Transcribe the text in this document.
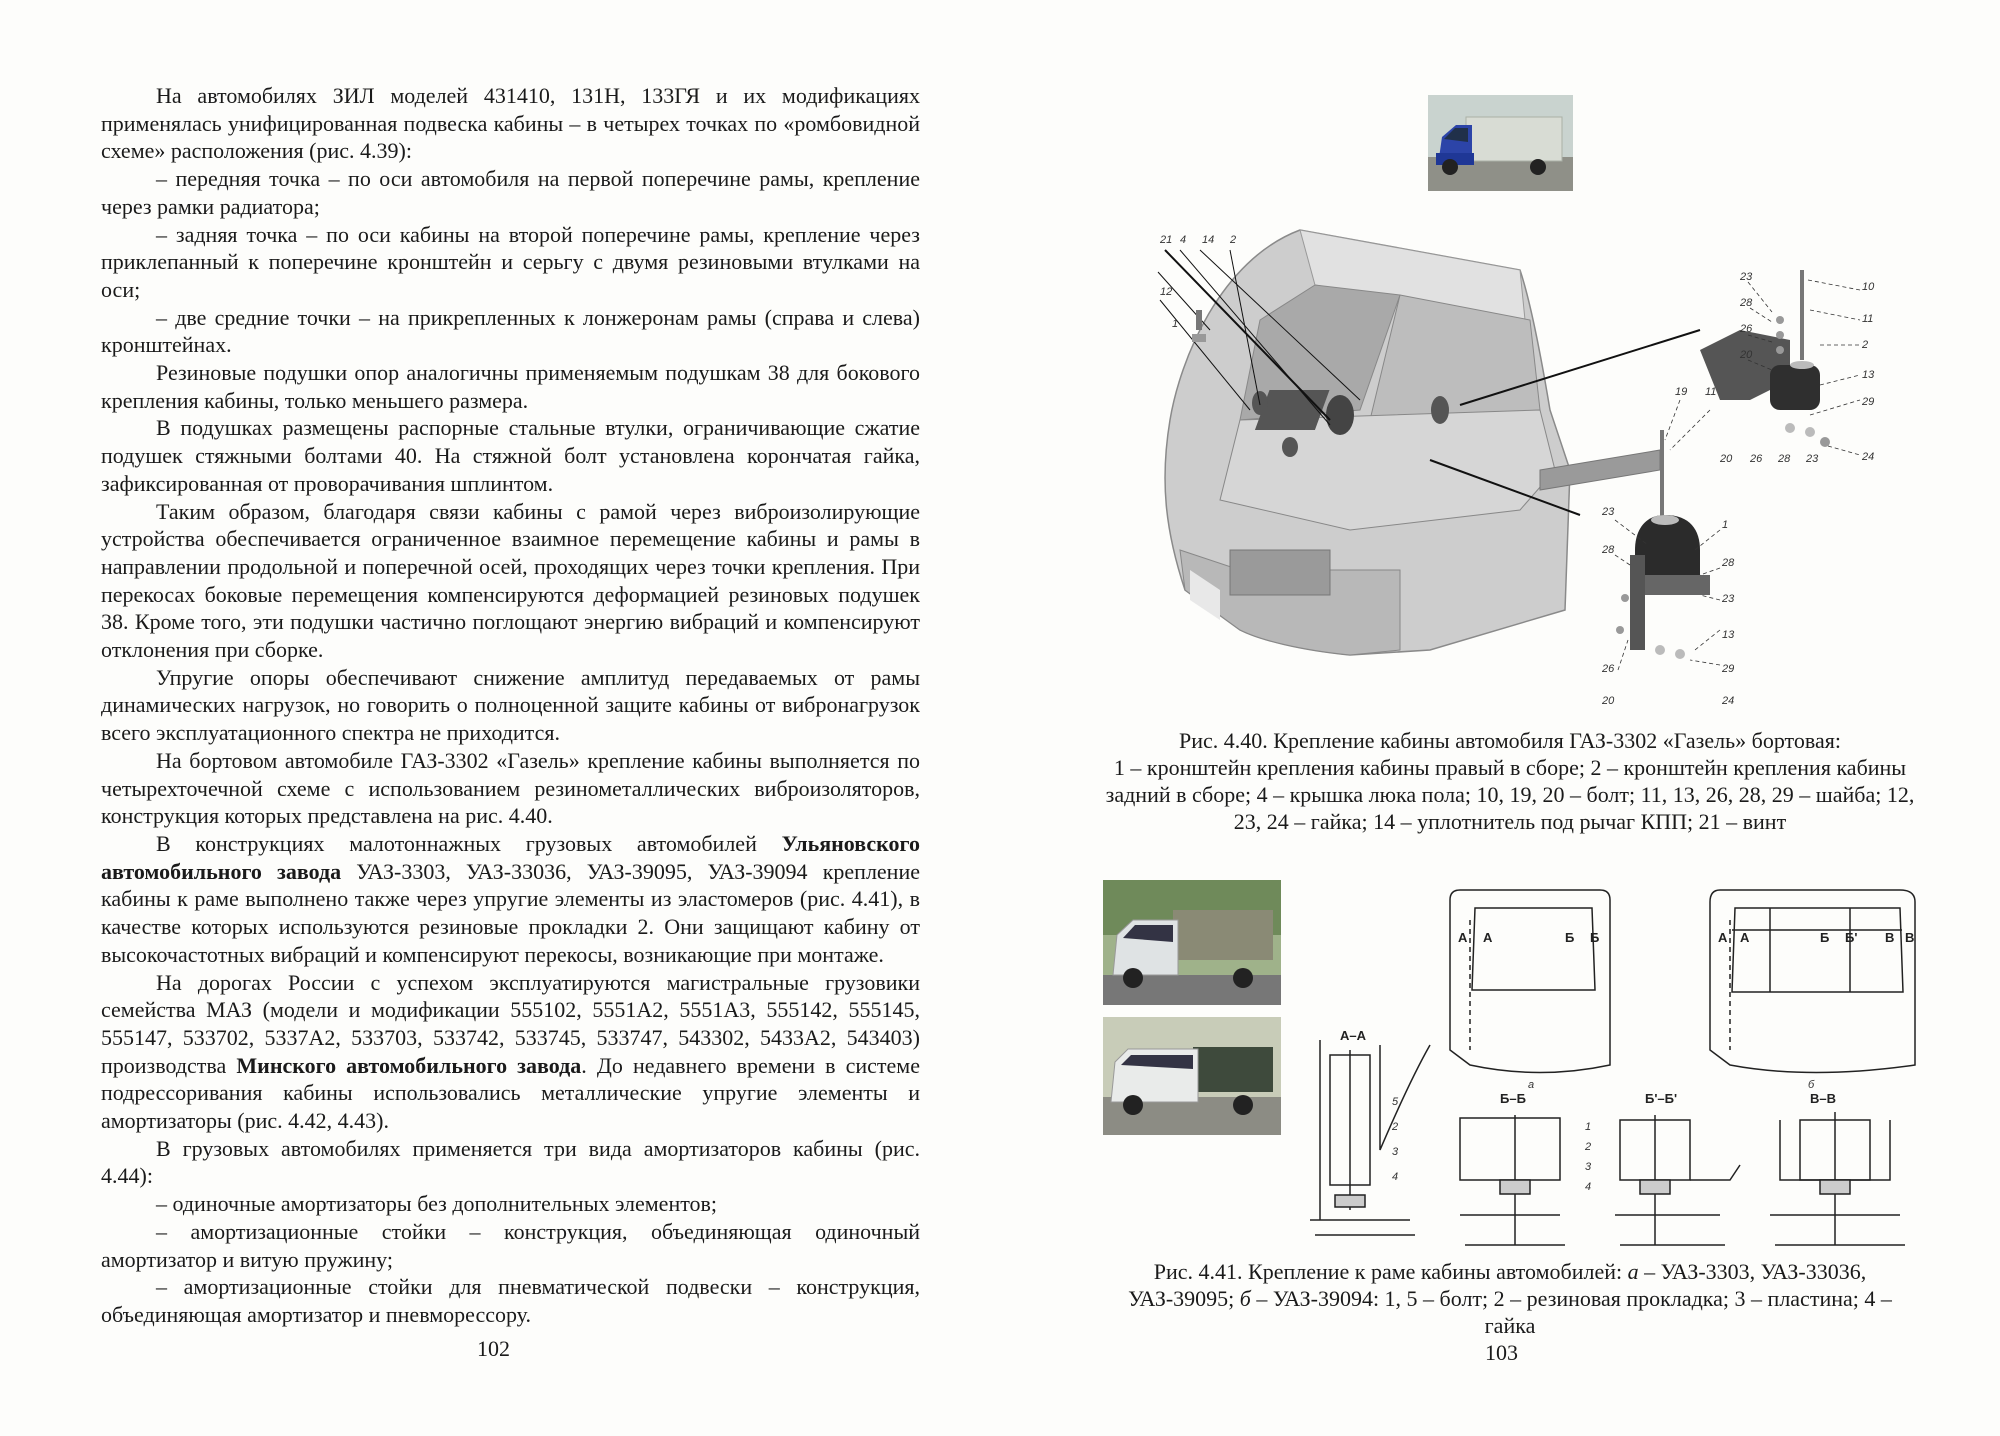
На автомобилях ЗИЛ моделей 431410, 131Н, 133ГЯ и их модификациях применялась унифицированная подвеска кабины – в четырех точках по «ромбовидной схеме» расположения (рис. 4.39):

– передняя точка – по оси автомобиля на первой поперечине рамы, крепление через рамки радиатора;

– задняя точка – по оси кабины на второй поперечине рамы, крепление через приклепанный к поперечине кронштейн и серьгу с двумя резиновыми втулками на оси;

– две средние точки – на прикрепленных к лонжеронам рамы (справа и слева) кронштейнах.

Резиновые подушки опор аналогичны применяемым подушкам 38 для бокового крепления кабины, только меньшего размера.

В подушках размещены распорные стальные втулки, ограничивающие сжатие подушек стяжными болтами 40. На стяжной болт установлена корончатая гайка, зафиксированная от проворачивания шплинтом.

Таким образом, благодаря связи кабины с рамой через виброизолирующие устройства обеспечивается ограниченное взаимное перемещение кабины и рамы в направлении продольной и поперечной осей, проходящих через точки крепления. При перекосах боковые перемещения компенсируются деформацией резиновых подушек 38. Кроме того, эти подушки частично поглощают энергию вибраций и компенсируют отклонения при сборке.

Упругие опоры обеспечивают снижение амплитуд передаваемых от рамы динамических нагрузок, но говорить о полноценной защите кабины от вибронагрузок всего эксплуатационного спектра не приходится.

На бортовом автомобиле ГАЗ-3302 «Газель» крепление кабины выполняется по четырехточечной схеме с использованием резинометаллических виброизоляторов, конструкция которых представлена на рис. 4.40.

В конструкциях малотоннажных грузовых автомобилей Ульяновского автомобильного завода УАЗ-3303, УАЗ-33036, УАЗ-39095, УАЗ-39094 крепление кабины к раме выполнено также через упругие элементы из эластомеров (рис. 4.41), в качестве которых используются резиновые прокладки 2. Они защищают кабину от высокочастотных вибраций и компенсируют перекосы, возникающие при монтаже.

На дорогах России с успехом эксплуатируются магистральные грузовики семейства МАЗ (модели и модификации 555102, 5551А2, 5551А3, 555142, 555145, 555147, 533702, 5337А2, 533703, 533742, 533745, 533747, 543302, 5433А2, 543403) производства Минского автомобильного завода. До недавнего времени в системе подрессоривания кабины использовались металлические упругие элементы и амортизаторы (рис. 4.42, 4.43).

В грузовых автомобилях применяется три вида амортизаторов кабины (рис. 4.44):

– одиночные амортизаторы без дополнительных элементов;

– амортизационные стойки – конструкция, объединяющая одиночный амортизатор и витую пружину;

– амортизационные стойки для пневматической подвески – конструкция, объединяющая амортизатор и пневморессору.

102
21 4 14 2
12
1
23
28
26
20
10
11
2
13
29
24
20 26 28 23
19 11
23
28
1
28
23
13
29
26
20	24
Рис. 4.40. Крепление кабины автомобиля ГАЗ-3302 «Газель» бортовая:
1 – кронштейн крепления кабины правый в сборе; 2 – кронштейн крепления кабины задний в сборе; 4 – крышка люка пола; 10, 19, 20 – болт; 11, 13, 26, 28, 29 – шайба; 12, 23, 24 – гайка; 14 – уплотнитель под рычаг КПП; 21 – винт
А А	Б Б	А А	Б Б' В В
а	б
А–А
5
2
3
4
Б–Б
1
2
3
4
Б'–Б'	В–В
Рис. 4.41. Крепление к раме кабины автомобилей: а – УАЗ-3303, УАЗ-33036, УАЗ-39095; б – УАЗ-39094: 1, 5 – болт; 2 – резиновая прокладка; 3 – пластина; 4 – гайка
103
